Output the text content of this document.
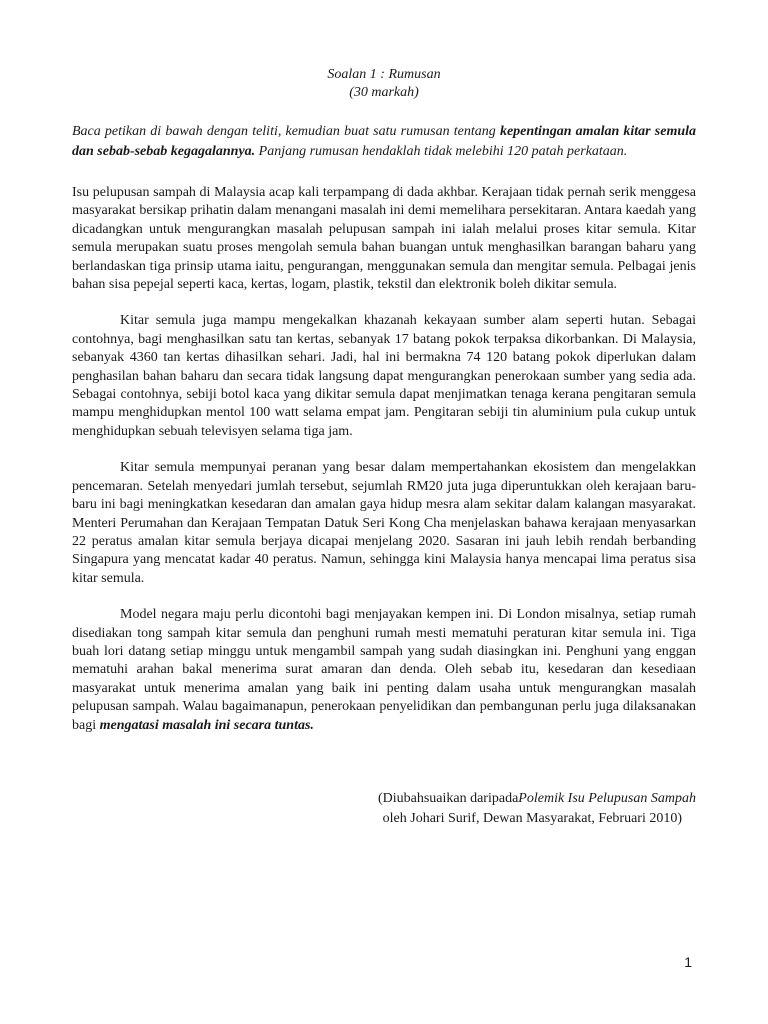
Soalan 1 : Rumusan
(30 markah)
Baca petikan di bawah dengan teliti, kemudian buat satu rumusan tentang kepentingan amalan kitar semula dan sebab-sebab kegagalannya. Panjang rumusan hendaklah tidak melebihi 120 patah perkataan.

Isu pelupusan sampah di Malaysia acap kali terpampang di dada akhbar. Kerajaan tidak pernah serik menggesa masyarakat bersikap prihatin dalam menangani masalah ini demi memelihara persekitaran. Antara kaedah yang dicadangkan untuk mengurangkan masalah pelupusan sampah ini ialah melalui proses kitar semula. Kitar semula merupakan suatu proses mengolah semula bahan buangan untuk menghasilkan barangan baharu yang berlandaskan tiga prinsip utama iaitu, pengurangan, menggunakan semula dan mengitar semula. Pelbagai jenis bahan sisa pepejal seperti kaca, kertas, logam, plastik, tekstil dan elektronik boleh dikitar semula.

Kitar semula juga mampu mengekalkan khazanah kekayaan sumber alam seperti hutan. Sebagai contohnya, bagi menghasilkan satu tan kertas, sebanyak 17 batang pokok terpaksa dikorbankan. Di Malaysia, sebanyak 4360 tan kertas dihasilkan sehari. Jadi, hal ini bermakna 74 120 batang pokok diperlukan dalam penghasilan bahan baharu dan secara tidak langsung dapat mengurangkan penerokaan sumber yang sedia ada. Sebagai contohnya, sebiji botol kaca yang dikitar semula dapat menjimatkan tenaga kerana pengitaran semula mampu menghidupkan mentol 100 watt selama empat jam. Pengitaran sebiji tin aluminium pula cukup untuk menghidupkan sebuah televisyen selama tiga jam.

Kitar semula mempunyai peranan yang besar dalam mempertahankan ekosistem dan mengelakkan pencemaran. Setelah menyedari jumlah tersebut, sejumlah RM20 juta juga diperuntukkan oleh kerajaan baru-baru ini bagi meningkatkan kesedaran dan amalan gaya hidup mesra alam sekitar dalam kalangan masyarakat. Menteri Perumahan dan Kerajaan Tempatan Datuk Seri Kong Cha menjelaskan bahawa kerajaan menyasarkan 22 peratus amalan kitar semula berjaya dicapai menjelang 2020. Sasaran ini jauh lebih rendah berbanding Singapura yang mencatat kadar 40 peratus. Namun, sehingga kini Malaysia hanya mencapai lima peratus sisa kitar semula.

Model negara maju perlu dicontohi bagi menjayakan kempen ini. Di London misalnya, setiap rumah disediakan tong sampah kitar semula dan penghuni rumah mesti mematuhi peraturan kitar semula ini. Tiga buah lori datang setiap minggu untuk mengambil sampah yang sudah diasingkan ini. Penghuni yang enggan mematuhi arahan bakal menerima surat amaran dan denda. Oleh sebab itu, kesedaran dan kesediaan masyarakat untuk menerima amalan yang baik ini penting dalam usaha untuk mengurangkan masalah pelupusan sampah. Walau bagaimanapun, penerokaan penyelidikan dan pembangunan perlu juga dilaksanakan bagi mengatasi masalah ini secara tuntas.

(Diubahsuaikan daripadaPolemik Isu Pelupusan Sampah
oleh Johari Surif, Dewan Masyarakat, Februari 2010)
1
